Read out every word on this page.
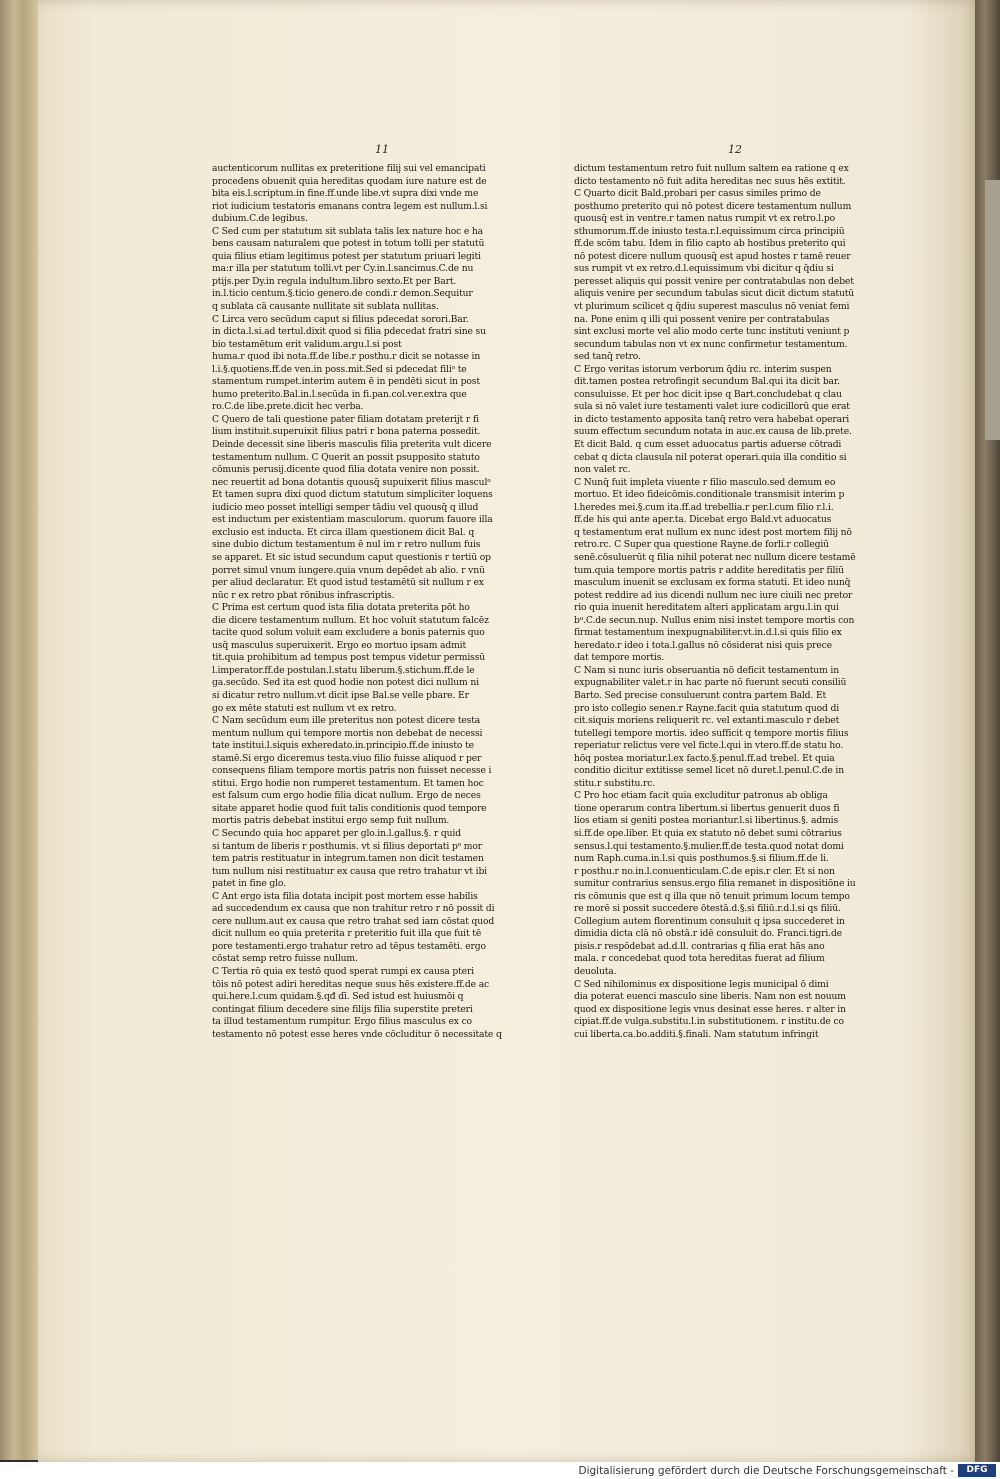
11	12
auctenticorum nullitas ex preteritione filij sui vel emancipati
procedens obuenit quia hereditas quodam iure nature est de
bita eis.l.scriptum.in fine.ff.unde libe.vt supra dixi vnde me
riot iudicium testatoris emanans contra legem est nullum.l.si
dubium.C.de legibus.
C Sed cum per statutum sit sublata talis lex nature hoc e ha
bens causam naturalem que potest in totum tolli per statutū
quia filius etiam legitimus potest per statutum priuari legiti
ma:r illa per statutum tolli.vt per Cy.in.l.sancimus.C.de nu
ptijs.per Dy.in regula indultum.libro sexto.Et per Bart.
in.l.ticio centum.§.ticio genero.de condi.r demon.Sequitur
q sublata cā causante nullitate sit sublata nullitas.
C Lirca vero secūdum caput si filius pdecedat sorori.Bar.
in dicta.l.si.ad tertul.dixit quod si filia pdecedat fratri sine su
bio testamētum erit validum.argu.l.si post
huma.r quod ibi nota.ff.de libe.r posthu.r dicit se notasse in
l.i.§.quotiens.ff.de ven.in poss.mit.Sed si pdecedat filiᵒ te
stamentum rumpet.interim autem ē in pendēti sicut in post
humo preterito.Bal.in.l.secūda in fi.pan.col.ver.extra que
ro.C.de libe.prete.dicit hec verba.
C Quero de tali questione pater filiam dotatam preterijt r fi
lium instituit.superuixit filius patri r bona paterna possedit.
Deinde decessit sine liberis masculis filia preterita vult dicere
testamentum nullum. C Querit an possit psupposito statuto
cōmunis perusij.dicente quod filia dotata venire non possit.
nec reuertit ad bona dotantis quousq̄ supuixerit filius masculᵒ
Et tamen supra dixi quod dictum statutum simpliciter loquens
iudicio meo posset intelligi semper tādiu vel quousq̄ q illud
est inductum per existentiam masculorum. quorum fauore illa
exclusio est inducta. Et circa illam questionem dicit Bal. q
sine dubio dictum testamentum ē nul im r retro nullum fuis
se apparet. Et sic istud secundum caput questionis r tertiū op
porret simul vnum iungere.quia vnum depēdet ab alio. r vnū
per aliud declaratur. Et quod istud testamētū sit nullum r ex
nūc r ex retro pbat rōnibus infrascriptis.
C Prima est certum quod ista filia dotata preterita pōt ho
die dicere testamentum nullum. Et hoc voluit statutum falcēz
tacite quod solum voluit eam excludere a bonis paternis quo
usq̄ masculus superuixerit. Ergo eo mortuo ipsam admit
tit.quia prohibitum ad tempus post tempus videtur permissū
l.imperator.ff.de postulan.l.statu liberum.§.stichum.ff.de le
ga.secūdo. Sed ita est quod hodie non potest dici nullum ni
si dicatur retro nullum.vt dicit ipse Bal.se velle pbare. Er
go ex mēte statuti est nullum vt ex retro.
C Nam secūdum eum ille preteritus non potest dicere testa
mentum nullum qui tempore mortis non debebat de necessi
tate institui.l.siquis exheredato.in.principio.ff.de iniusto te
stamē.Si ergo diceremus testa.viuo filio fuisse aliquod r per
consequens filiam tempore mortis patris non fuisset necesse i
stitui. Ergo hodie non rumperet testamentum. Et tamen hoc
est falsum cum ergo hodie filia dicat nullum. Ergo de neces
sitate apparet hodie quod fuit talis conditionis quod tempore
mortis patris debebat institui ergo semp fuit nullum.
C Secundo quia hoc apparet per glo.in.l.gallus.§. r quid
si tantum de liberis r posthumis. vt si filius deportati pᵒ mor
tem patris restituatur in integrum.tamen non dicit testamen
tum nullum nisi restituatur ex causa que retro trahatur vt ibi
patet in fine glo.
C Ant ergo ista filia dotata incipit post mortem esse habilis
ad succedendum ex causa que non trahitur retro r nō possit di
cere nullum.aut ex causa que retro trahat sed iam cōstat quod
dicit nullum eo quia preterita r preteritio fuit illa que fuit tē
pore testamenti.ergo trahatur retro ad tēpus testamēti. ergo
cōstat semp retro fuisse nullum.
C Tertia rō quia ex testō quod sperat rumpi ex causa pteri
tōis nō potest adiri hereditas neque suus hēs existere.ff.de ac
qui.here.l.cum quidam.§.qđ dī. Sed istud est huiusmōi q
contingat filium decedere sine filijs filia superstite preteri
ta illud testamentum rumpitur. Ergo filius masculus ex co
testamento nō potest esse heres vnde cōcluditur ō necessitate q
dictum testamentum retro fuit nullum saltem ea ratione q ex
dicto testamento nō fuit adita hereditas nec suus hēs extitit.
C Quarto dicit Bald.probari per casus similes primo de
posthumo preterito qui nō potest dicere testamentum nullum
quousq̄ est in ventre.r tamen natus rumpit vt ex retro.l.po
sthumorum.ff.de iniusto testa.r.l.equissimum circa principiū
ff.de scōm tabu. Idem in filio capto ab hostibus preterito qui
nō potest dicere nullum quousq̄ est apud hostes r tamē reuer
sus rumpit vt ex retro.d.l.equissimum vbi dicitur q q̄diu si
peresset aliquis qui possit venire per contratabulas non debet
aliquis venire per secundum tabulas sicut dicit dictum statutū
vt plurimum scilicet q q̄diu superest masculus nō veniat femi
na. Pone enim q illi qui possent venire per contratabulas
sint exclusi morte vel alio modo certe tunc instituti veniunt p
secundum tabulas non vt ex nunc confirmetur testamentum.
sed tanq̄ retro.
C Ergo veritas istorum verborum q̄diu rc. interim suspen
dit.tamen postea retrofingit secundum Bal.qui ita dicit bar.
consuluisse. Et per hoc dicit ipse q Bart.concludebat q clau
sula si nō valet iure testamenti valet iure codicillorū que erat
in dicto testamento apposita tanq̄ retro vera habebat operari
suum effectum secundum notata in auc.ex causa de lib.prete.
Et dicit Bald. q cum esset aduocatus partis aduerse cōtradi
cebat q dicta clausula nil poterat operari.quia illa conditio si
non valet rc.
C Nunq̄ fuit impleta viuente r filio masculo.sed demum eo
mortuo. Et ideo fideicōmis.conditionale transmisit interim p
l.heredes mei.§.cum ita.ff.ad trebellia.r per.l.cum filio r.l.i.
ff.de his qui ante aper.ta. Dicebat ergo Bald.vt aduocatus
q testamentum erat nullum ex nunc idest post mortem filij nō
retro.rc. C Super qua questione Rayne.de forli.r collegiū
senē.cōsuluerūt q filia nihil poterat nec nullum dicere testamē
tum.quia tempore mortis patris r addite hereditatis per filiū
masculum inuenit se exclusam ex forma statuti. Et ideo nunq̄
potest reddire ad ius dicendi nullum nec iure ciuili nec pretor
rio quia inuenit hereditatem alteri applicatam argu.l.in qui
bᵒ.C.de secun.nup. Nullus enim nisi instet tempore mortis con
firmat testamentum inexpugnabiliter.vt.in.d.l.si quis filio ex
heredato.r ideo i tota.l.gallus nō cōsiderat nisi quis prece
dat tempore mortis.
C Nam si nunc iuris obseruantia nō deficit testamentum in
expugnabiliter valet.r in hac parte nō fuerunt secuti consiliū
Barto. Sed precise consuluerunt contra partem Bald. Et
pro isto collegio senen.r Rayne.facit quia statutum quod di
cit.siquis moriens reliquerit rc. vel extanti.masculo r debet
tutellegi tempore mortis. ideo sufficit q tempore mortis filius
reperiatur relictus vere vel ficte.l.qui in vtero.ff.de statu ho.
hōq postea moriatur.l.ex facto.§.penul.ff.ad trebel. Et quia
conditio dicitur extitisse semel licet nō duret.l.penul.C.de in
stitu.r substitu.rc.
C Pro hoc etiam facit quia excluditur patronus ab obliga
tione operarum contra libertum.si libertus genuerit duos fi
lios etiam si geniti postea moriantur.l.si libertinus.§. admis
si.ff.de ope.liber. Et quia ex statuto nō debet sumi cōtrarius
sensus.l.qui testamento.§.mulier.ff.de testa.quod notat domi
num Raph.cuma.in.l.si quis posthumos.§.si filium.ff.de li.
r posthu.r no.in.l.conuenticulam.C.de epis.r cler. Et si non
sumitur contrarius sensus.ergo filia remanet in dispositiōne iu
ris cōmunis que est q illa que nō tenuit primum locum tempo
re morē si possit succedere ōtestā.d.§.si filiū.r.d.l.si qs filiū.
Collegium autem florentinum consuluit q ipsa succederet in
dimidia dicta clā nō obstā.r idē consuluit do. Franci.tigri.de
pisis.r respōdebat ad.d.ll. contrarias q filia erat hās ano
mala. r concedebat quod tota hereditas fuerat ad filium
deuoluta.
C Sed nihilominus ex dispositione legis municipal ō dimi
dia poterat euenci masculo sine liberis. Nam non est nouum
quod ex dispositione legis vnus desinat esse heres. r alter in
cipiat.ff.de vulga.substitu.l.in substitutionem. r institu.de co
cui liberta.ca.bo.additi.§.finali. Nam statutum infringit
Digitalisierung gefördert durch die Deutsche Forschungsgemeinschaft -	DFG
